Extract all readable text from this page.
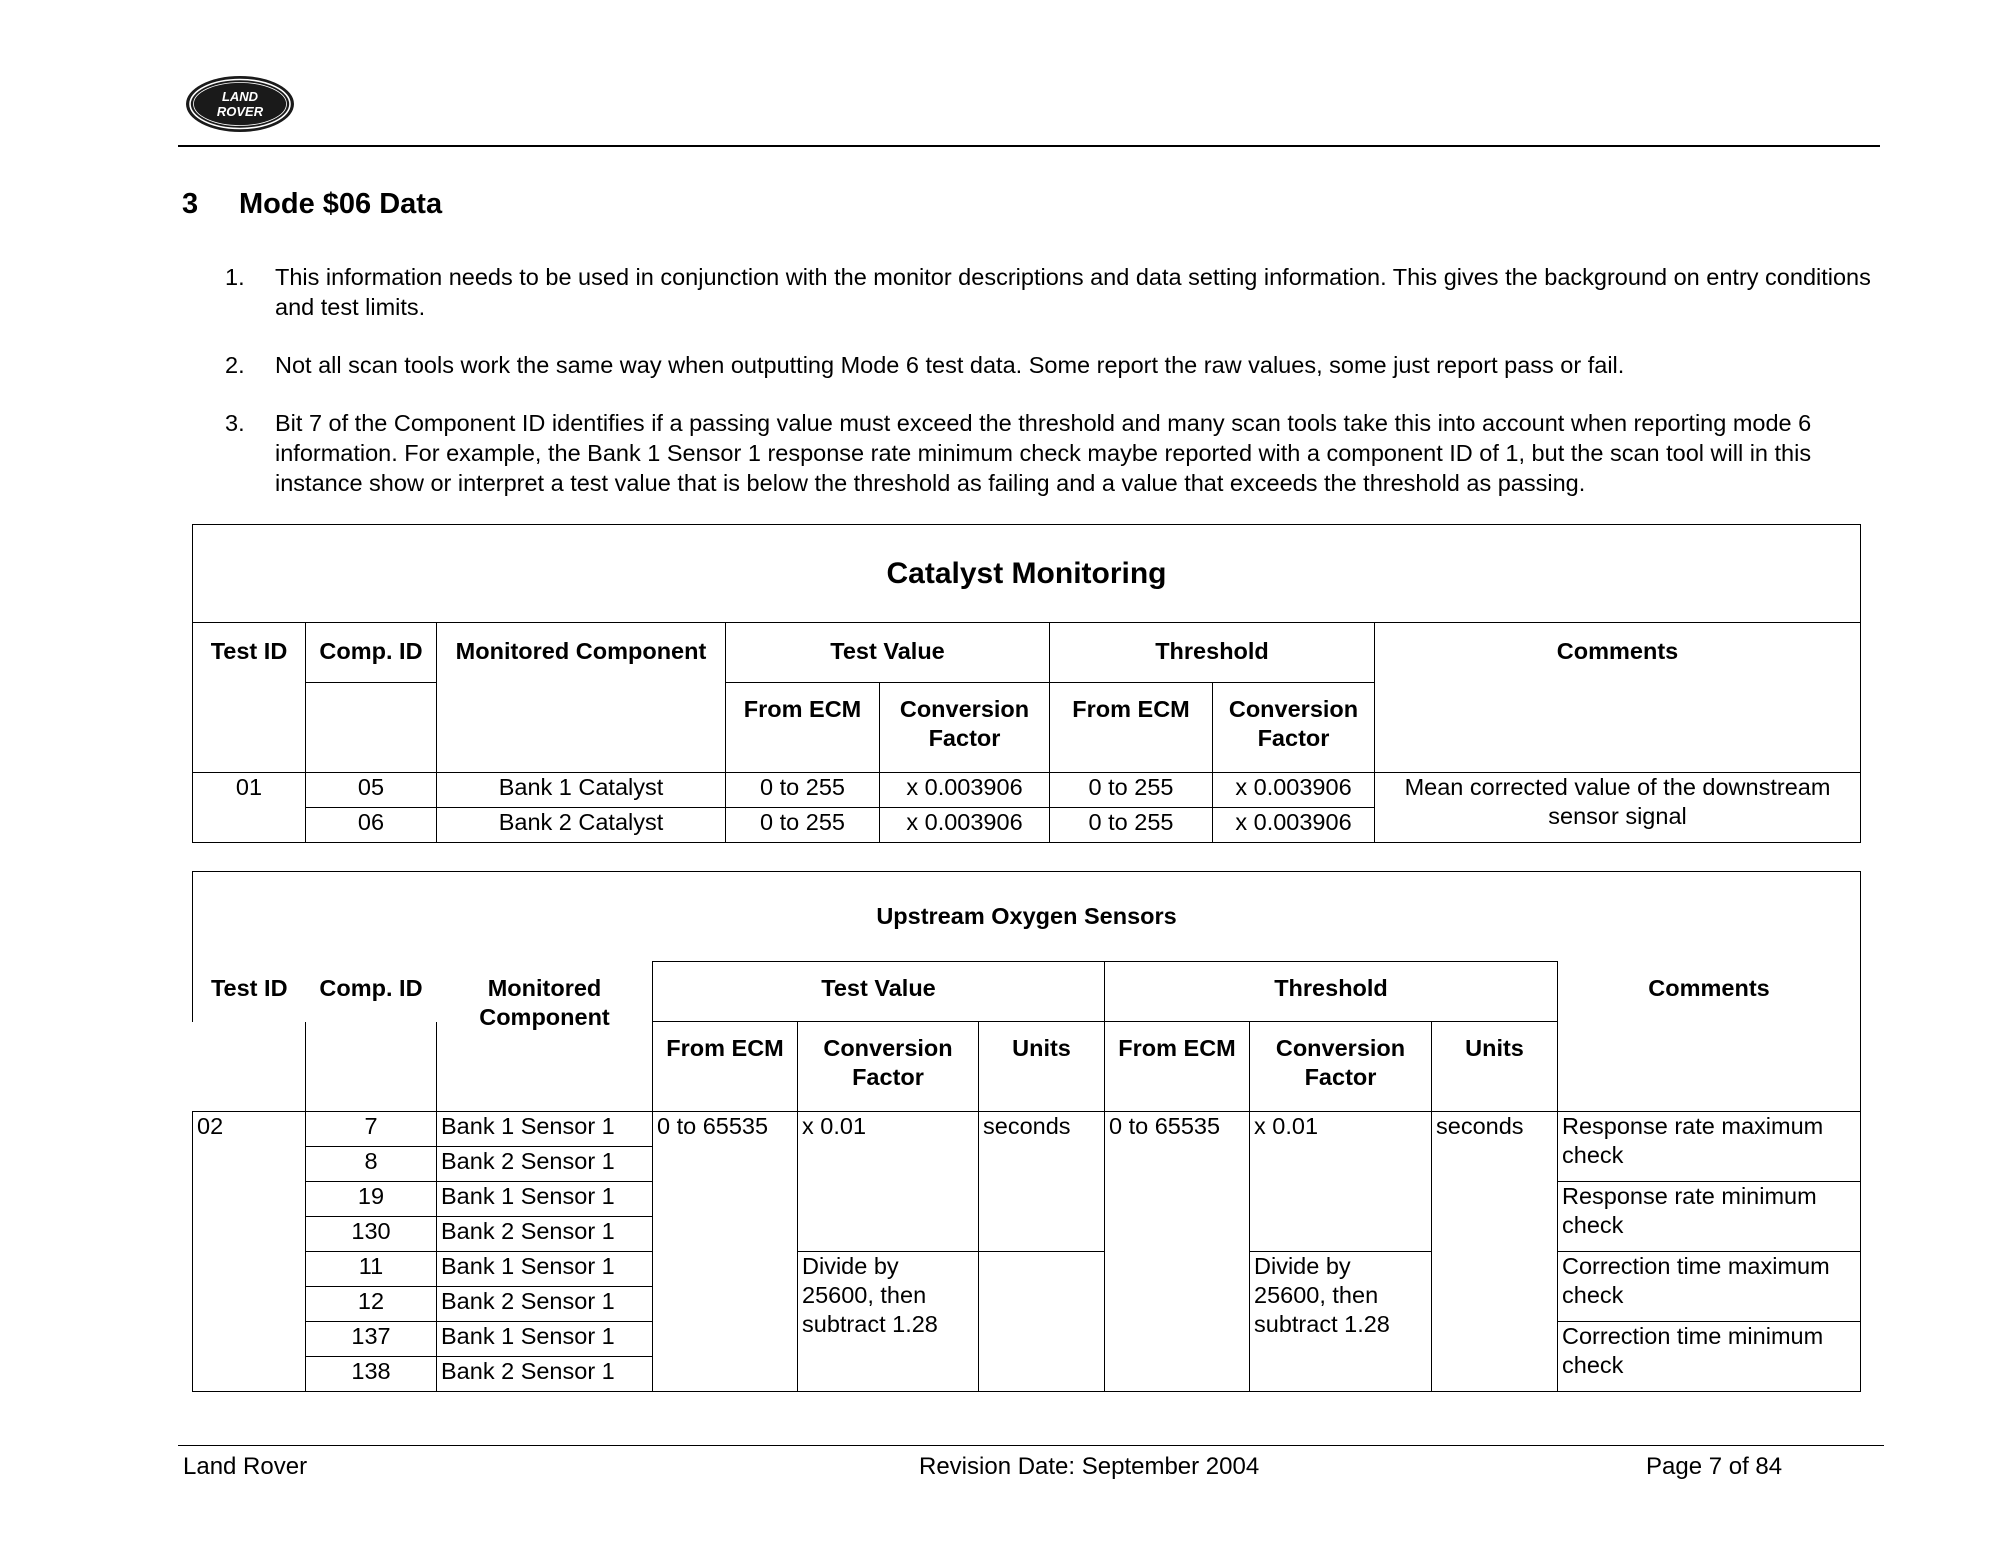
LAND
ROVER
3 Mode $06 Data
1. This information needs to be used in conjunction with the monitor descriptions and data setting information. This gives the background on entry conditions and test limits.
2. Not all scan tools work the same way when outputting Mode 6 test data. Some report the raw values, some just report pass or fail.
3. Bit 7 of the Component ID identifies if a passing value must exceed the threshold and many scan tools take this into account when reporting mode 6 information. For example, the Bank 1 Sensor 1 response rate minimum check maybe reported with a component ID of 1, but the scan tool will in this instance show or interpret a test value that is below the threshold as failing and a value that exceeds the threshold as passing.
Catalyst Monitoring							
Test ID	Comp. ID	Monitored Component	Test Value		Threshold		Comments
			From ECM	Conversion Factor	From ECM	Conversion Factor	
01	05	Bank 1 Catalyst	0 to 255	x 0.003906	0 to 255	x 0.003906	Mean corrected value of the downstream sensor signal
	06	Bank 2 Catalyst	0 to 255	x 0.003906	0 to 255	x 0.003906	
Upstream Oxygen Sensors									
Test ID	Comp. ID	Monitored Component	Test Value			Threshold			Comments
			From ECM	Conversion Factor	Units	From ECM	Conversion Factor	Units	
02	7	Bank 1 Sensor 1	0 to 65535	x 0.01	seconds	0 to 65535	x 0.01	seconds	Response rate maximum check
	8	Bank 2 Sensor 1							
	19	Bank 1 Sensor 1							Response rate minimum check
	130	Bank 2 Sensor 1							
	11	Bank 1 Sensor 1		Divide by 25600, then subtract 1.28			Divide by 25600, then subtract 1.28		Correction time maximum check
	12	Bank 2 Sensor 1							
	137	Bank 1 Sensor 1							Correction time minimum check
	138	Bank 2 Sensor 1							
Land Rover	Revision Date: September 2004	Page 7 of 84
